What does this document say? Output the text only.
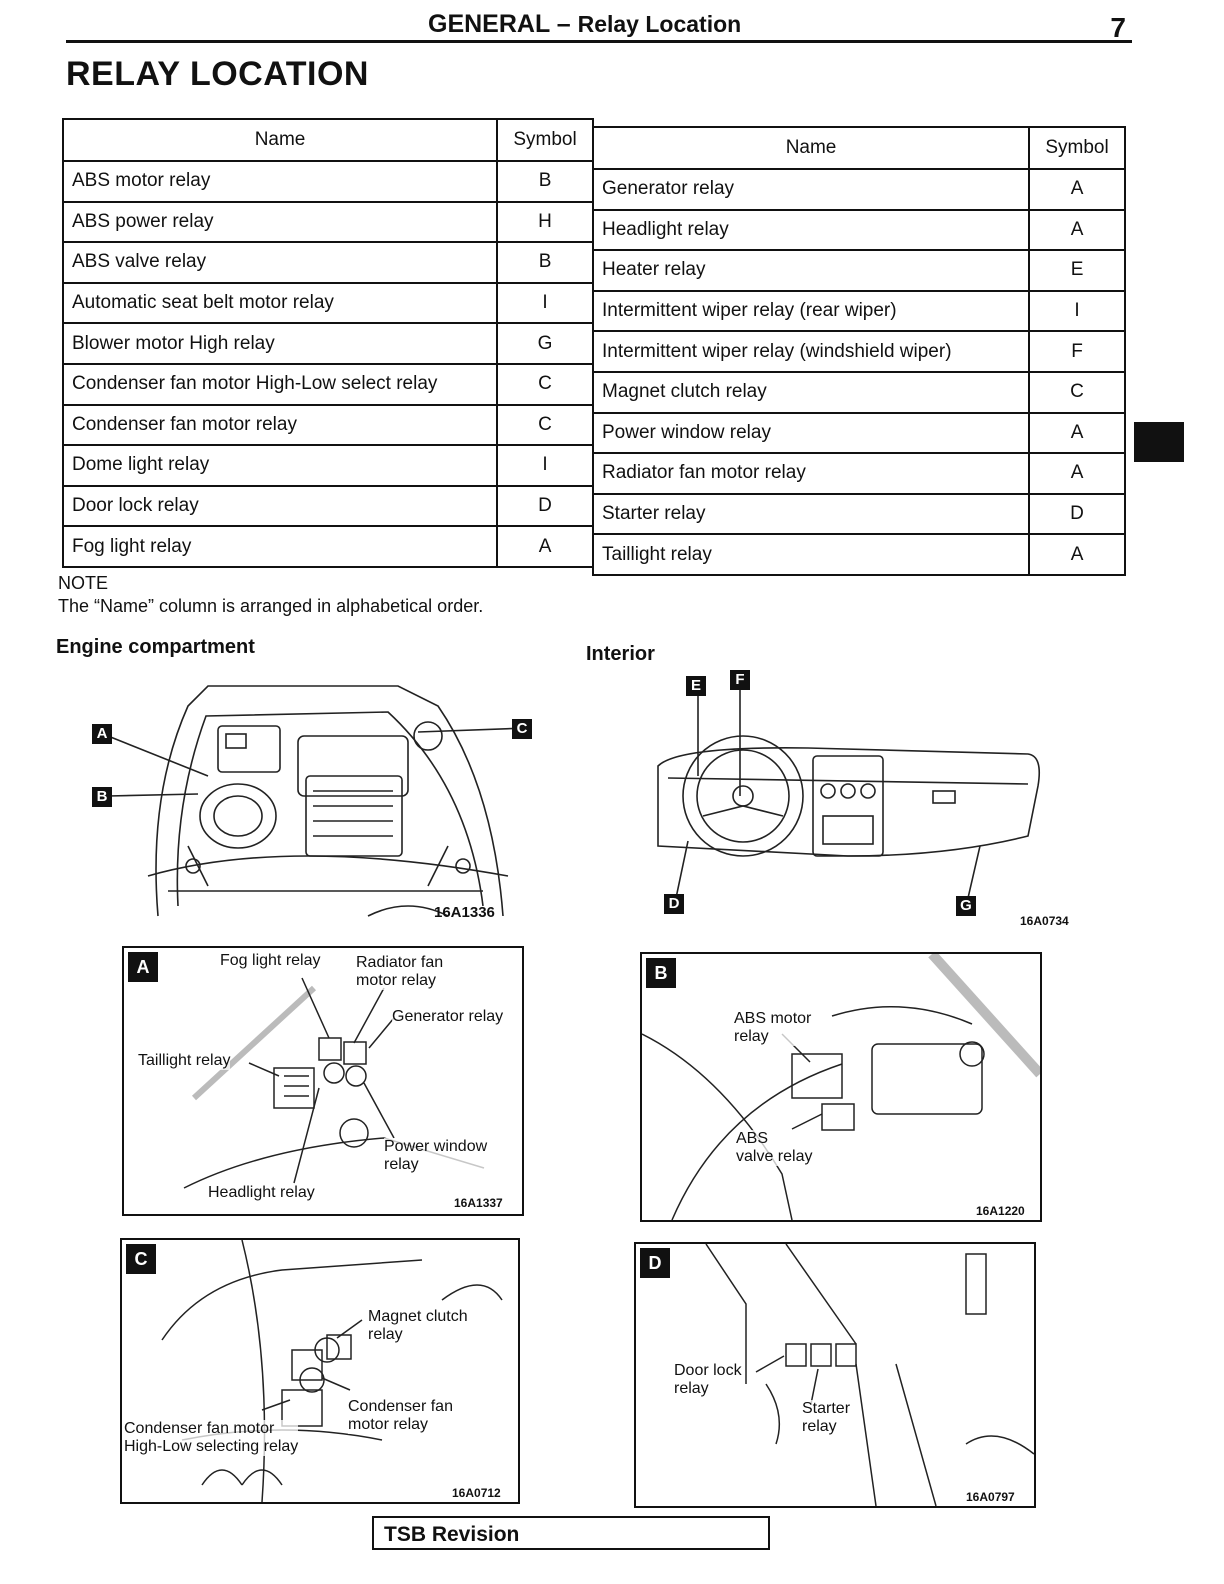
GENERAL – Relay Location	7
RELAY LOCATION
Name	Symbol
ABS motor relay	B
ABS power relay	H
ABS valve relay	B
Automatic seat belt motor relay	I
Blower motor High relay	G
Condenser fan motor High-Low select relay	C
Condenser fan motor relay	C
Dome light relay	I
Door lock relay	D
Fog light relay	A
Name	Symbol
Generator relay	A
Headlight relay	A
Heater relay	E
Intermittent wiper relay (rear wiper)	I
Intermittent wiper relay (windshield wiper)	F
Magnet clutch relay	C
Power window relay	A
Radiator fan motor relay	A
Starter relay	D
Taillight relay	A
NOTE
The “Name” column is arranged in alphabetical order.
Engine compartment	Interior
A
B
C
16A1336
E	F
D	G
16A0734
A	Fog light relay Radiator fan
motor relay
Generator relay
Taillight relay
Power window
relay
Headlight relay
16A1337
B
ABS motor
relay
ABS
valve relay
16A1220
C
Magnet clutch
relay
Condenser fan
motor relay
Condenser fan motor
High-Low selecting relay
16A0712
D
Door lock
relay
Starter
relay
16A0797
TSB Revision
